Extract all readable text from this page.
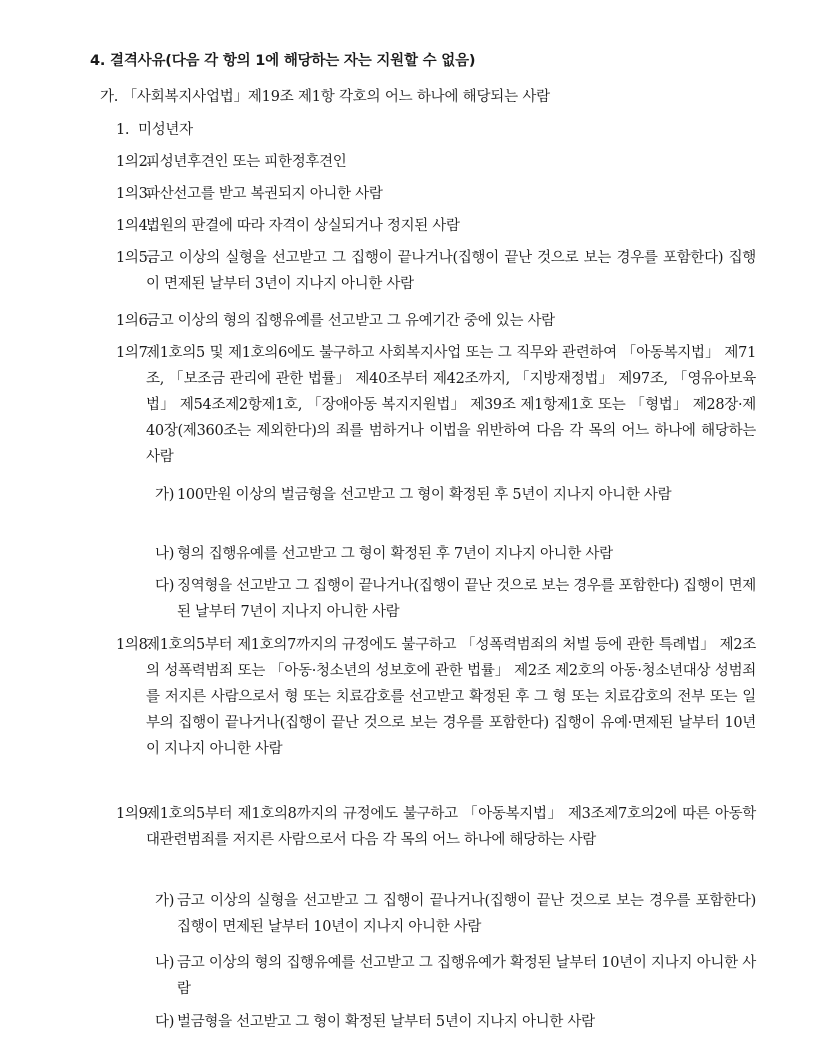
4. 결격사유(다음 각 항의 1에 해당하는 자는 지원할 수 없음)
가. 「사회복지사업법」제19조 제1항 각호의 어느 하나에 해당되는 사람
1. 미성년자
1의2.
피성년후견인 또는 피한정후견인
1의3.
파산선고를 받고 복권되지 아니한 사람
1의4.
법원의 판결에 따라 자격이 상실되거나 정지된 사람
1의5.
금고 이상의 실형을 선고받고 그 집행이 끝나거나(집행이 끝난 것으로 보는 경우를 포함한다) 집행이 면제된 날부터 3년이 지나지 아니한 사람
1의6.
금고 이상의 형의 집행유예를 선고받고 그 유예기간 중에 있는 사람
1의7.
제1호의5 및 제1호의6에도 불구하고 사회복지사업 또는 그 직무와 관련하여 「아동복지법」 제71조, 「보조금 관리에 관한 법률」 제40조부터 제42조까지, 「지방재정법」 제97조, 「영유아보육법」 제54조제2항제1호, 「장애아동 복지지원법」 제39조 제1항제1호 또는 「형법」 제28장·제40장(제360조는 제외한다)의 죄를 범하거나 이법을 위반하여 다음 각 목의 어느 하나에 해당하는 사람
가) 100만원 이상의 벌금형을 선고받고 그 형이 확정된 후 5년이 지나지 아니한 사람
나) 형의 집행유예를 선고받고 그 형이 확정된 후 7년이 지나지 아니한 사람
다) 징역형을 선고받고 그 집행이 끝나거나(집행이 끝난 것으로 보는 경우를 포함한다) 집행이 면제된 날부터 7년이 지나지 아니한 사람
1의8.
제1호의5부터 제1호의7까지의 규정에도 불구하고 「성폭력범죄의 처벌 등에 관한 특례법」 제2조의 성폭력범죄 또는 「아동·청소년의 성보호에 관한 법률」 제2조 제2호의 아동·청소년대상 성범죄를 저지른 사람으로서 형 또는 치료감호를 선고받고 확정된 후 그 형 또는 치료감호의 전부 또는 일부의 집행이 끝나거나(집행이 끝난 것으로 보는 경우를 포함한다) 집행이 유예·면제된 날부터 10년이 지나지 아니한 사람
1의9.
제1호의5부터 제1호의8까지의 규정에도 불구하고 「아동복지법」 제3조제7호의2에 따른 아동학대관련범죄를 저지른 사람으로서 다음 각 목의 어느 하나에 해당하는 사람
가) 금고 이상의 실형을 선고받고 그 집행이 끝나거나(집행이 끝난 것으로 보는 경우를 포함한다) 집행이 면제된 날부터 10년이 지나지 아니한 사람
나) 금고 이상의 형의 집행유예를 선고받고 그 집행유예가 확정된 날부터 10년이 지나지 아니한 사람
다) 벌금형을 선고받고 그 형이 확정된 날부터 5년이 지나지 아니한 사람
